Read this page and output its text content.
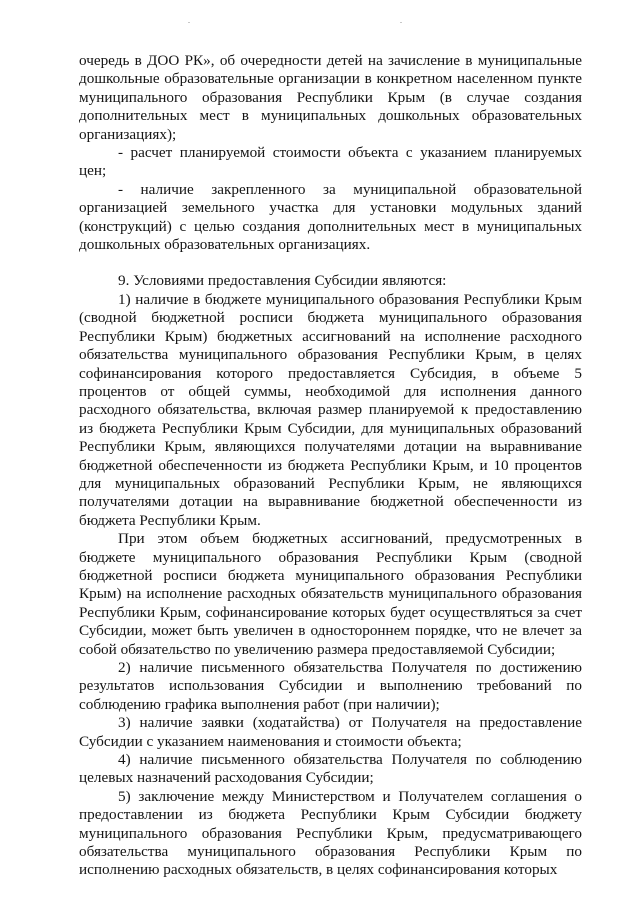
очередь в ДОО РК», об очередности детей на зачисление в муниципальные дошкольные образовательные организации в конкретном населенном пункте муниципального образования Республики Крым (в случае создания дополнительных мест в муниципальных дошкольных образовательных организациях);

- расчет планируемой стоимости объекта с указанием планируемых цен;

- наличие закрепленного за муниципальной образовательной организацией земельного участка для установки модульных зданий (конструкций) с целью создания дополнительных мест в муниципальных дошкольных образовательных организациях.

9. Условиями предоставления Субсидии являются:

1) наличие в бюджете муниципального образования Республики Крым (сводной бюджетной росписи бюджета муниципального образования Республики Крым) бюджетных ассигнований на исполнение расходного обязательства муниципального образования Республики Крым, в целях софинансирования которого предоставляется Субсидия, в объеме 5 процентов от общей суммы, необходимой для исполнения данного расходного обязательства, включая размер планируемой к предоставлению из бюджета Республики Крым Субсидии, для муниципальных образований Республики Крым, являющихся получателями дотации на выравнивание бюджетной обеспеченности из бюджета Республики Крым, и 10 процентов для муниципальных образований Республики Крым, не являющихся получателями дотации на выравнивание бюджетной обеспеченности из бюджета Республики Крым.

При этом объем бюджетных ассигнований, предусмотренных в бюджете муниципального образования Республики Крым (сводной бюджетной росписи бюджета муниципального образования Республики Крым) на исполнение расходных обязательств муниципального образования Республики Крым, софинансирование которых будет осуществляться за счет Субсидии, может быть увеличен в одностороннем порядке, что не влечет за собой обязательство по увеличению размера предоставляемой Субсидии;

2) наличие письменного обязательства Получателя по достижению результатов использования Субсидии и выполнению требований по соблюдению графика выполнения работ (при наличии);

3) наличие заявки (ходатайства) от Получателя на предоставление Субсидии с указанием наименования и стоимости объекта;

4) наличие письменного обязательства Получателя по соблюдению целевых назначений расходования Субсидии;

5) заключение между Министерством и Получателем соглашения о предоставлении из бюджета Республики Крым Субсидии бюджету муниципального образования Республики Крым, предусматривающего обязательства муниципального образования Республики Крым по исполнению расходных обязательств, в целях софинансирования которых
